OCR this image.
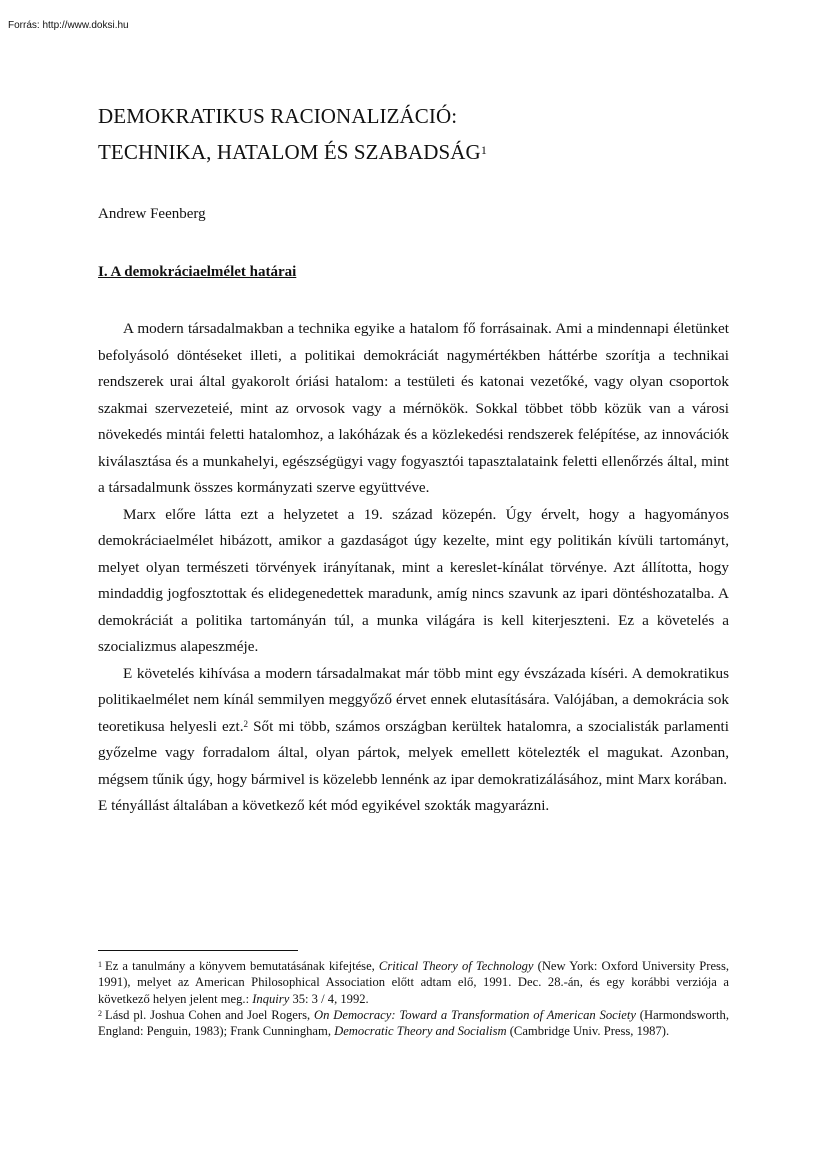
Forrás: http://www.doksi.hu
DEMOKRATIKUS RACIONALIZÁCIÓ:
TECHNIKA, HATALOM ÉS SZABADSÁG$^1$
Andrew Feenberg
I. A demokráciaelmélet határai

A modern társadalmakban a technika egyike a hatalom fő forrásainak. Ami a mindennapi életünket befolyásoló döntéseket illeti, a politikai demokráciát nagymértékben háttérbe szorítja a technikai rendszerek urai által gyakorolt óriási hatalom: a testületi és katonai vezetőké, vagy olyan csoportok szakmai szervezeteié, mint az orvosok vagy a mérnökök. Sokkal többet több közük van a városi növekedés mintái feletti hatalomhoz, a lakóházak és a közlekedési rendszerek felépítése, az innovációk kiválasztása és a munkahelyi, egészségügyi vagy fogyasztói tapasztalataink feletti ellenőrzés által, mint a társadalmunk összes kormányzati szerve együttvéve.

Marx előre látta ezt a helyzetet a 19. század közepén. Úgy érvelt, hogy a hagyományos demokráciaelmélet hibázott, amikor a gazdaságot úgy kezelte, mint egy politikán kívüli tartományt, melyet olyan természeti törvények irányítanak, mint a kereslet-kínálat törvénye. Azt állította, hogy mindaddig jogfosztottak és elidegenedettek maradunk, amíg nincs szavunk az ipari döntéshozatalba. A demokráciát a politika tartományán túl, a munka világára is kell kiterjeszteni. Ez a követelés a szocializmus alapeszméje.

E követelés kihívása a modern társadalmakat már több mint egy évszázada kíséri. A demokratikus politikaelmélet nem kínál semmilyen meggyőző érvet ennek elutasítására. Valójában, a demokrácia sok teoretikusa helyesli ezt.$^2$ Sőt mi több, számos országban kerültek hatalomra, a szocialisták parlamenti győzelme vagy forradalom által, olyan pártok, melyek emellett kötelezték el magukat. Azonban, mégsem tűnik úgy, hogy bármivel is közelebb lennénk az ipar demokratizálásához, mint Marx korában.

E tényállást általában a következő két mód egyikével szokták magyarázni.

$^1$ Ez a tanulmány a könyvem bemutatásának kifejtése, Critical Theory of Technology (New York: Oxford University Press, 1991), melyet az American Philosophical Association előtt adtam elő, 1991. Dec. 28.-án, és egy korábbi verziója a következő helyen jelent meg.: Inquiry 35: 3 / 4, 1992.

$^2$ Lásd pl. Joshua Cohen and Joel Rogers, On Democracy: Toward a Transformation of American Society (Harmondsworth, England: Penguin, 1983); Frank Cunningham, Democratic Theory and Socialism (Cambridge Univ. Press, 1987).
